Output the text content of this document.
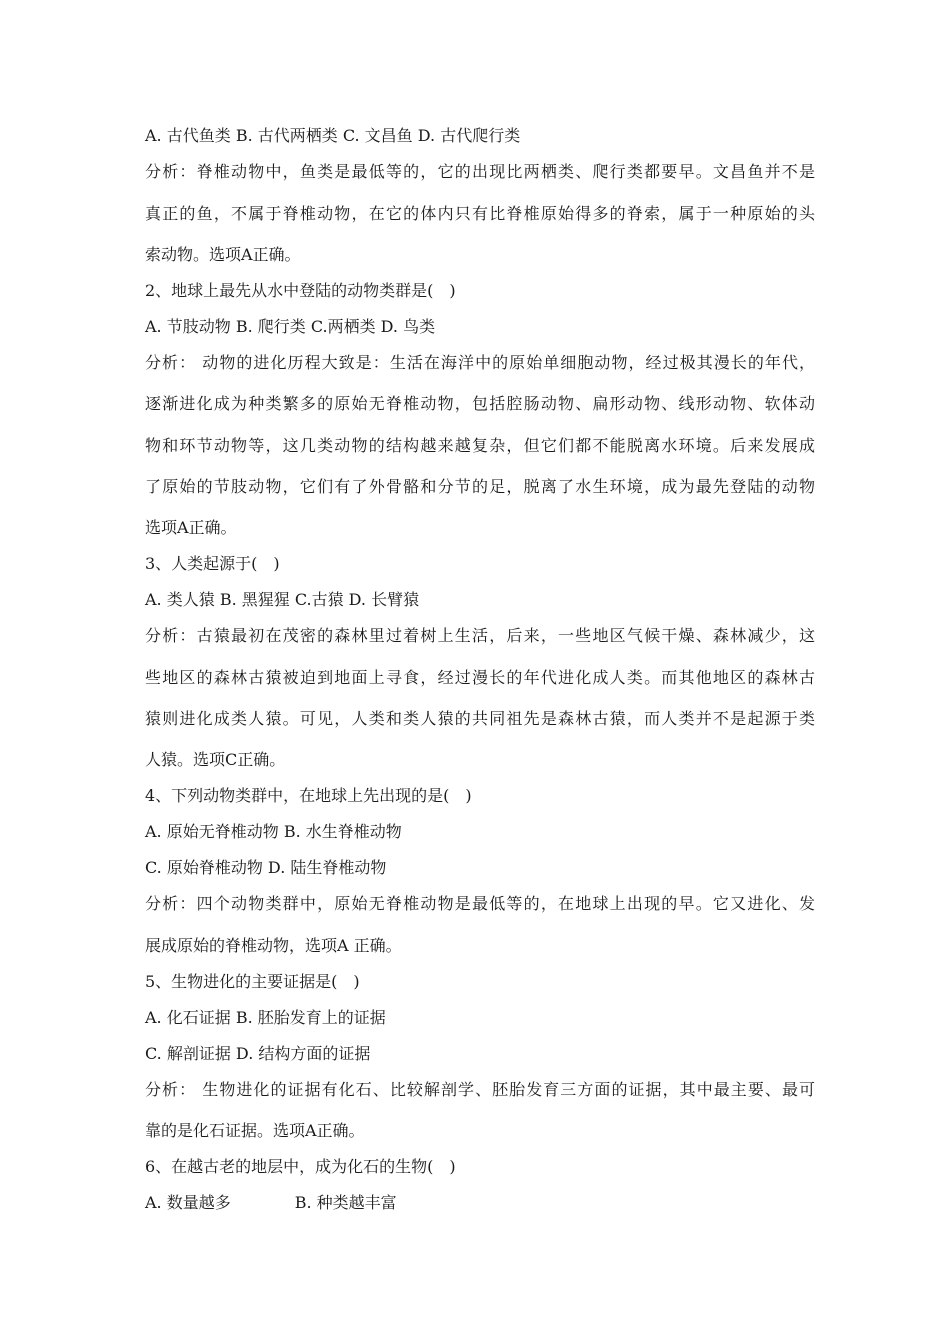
A. 古代鱼类 B. 古代两栖类 C. 文昌鱼 D. 古代爬行类
分析：脊椎动物中，鱼类是最低等的，它的出现比两栖类、爬行类都要早。文昌鱼并不是
真正的鱼，不属于脊椎动物，在它的体内只有比脊椎原始得多的脊索，属于一种原始的头
索动物。选项A正确。
2、地球上最先从水中登陆的动物类群是(　)
A. 节肢动物 B. 爬行类 C.两栖类 D. 鸟类
分析： 动物的进化历程大致是：生活在海洋中的原始单细胞动物，经过极其漫长的年代，
逐渐进化成为种类繁多的原始无脊椎动物，包括腔肠动物、扁形动物、线形动物、软体动
物和环节动物等，这几类动物的结构越来越复杂，但它们都不能脱离水环境。后来发展成
了原始的节肢动物，它们有了外骨骼和分节的足，脱离了水生环境，成为最先登陆的动物
选项A正确。
3、人类起源于(　)
A. 类人猿 B. 黑猩猩 C.古猿 D. 长臂猿
分析：古猿最初在茂密的森林里过着树上生活，后来，一些地区气候干燥、森林减少，这
些地区的森林古猿被迫到地面上寻食，经过漫长的年代进化成人类。而其他地区的森林古
猿则进化成类人猿。可见，人类和类人猿的共同祖先是森林古猿，而人类并不是起源于类
人猿。选项C正确。
4、下列动物类群中，在地球上先出现的是(　)
A. 原始无脊椎动物 B. 水生脊椎动物
C. 原始脊椎动物 D. 陆生脊椎动物
分析：四个动物类群中，原始无脊椎动物是最低等的，在地球上出现的早。它又进化、发
展成原始的脊椎动物，选项A 正确。
5、生物进化的主要证据是(　)
A. 化石证据 B. 胚胎发育上的证据
C. 解剖证据 D. 结构方面的证据
分析： 生物进化的证据有化石、比较解剖学、胚胎发育三方面的证据，其中最主要、最可
靠的是化石证据。选项A正确。
6、在越古老的地层中，成为化石的生物(　)
A. 数量越多　　　　B. 种类越丰富
